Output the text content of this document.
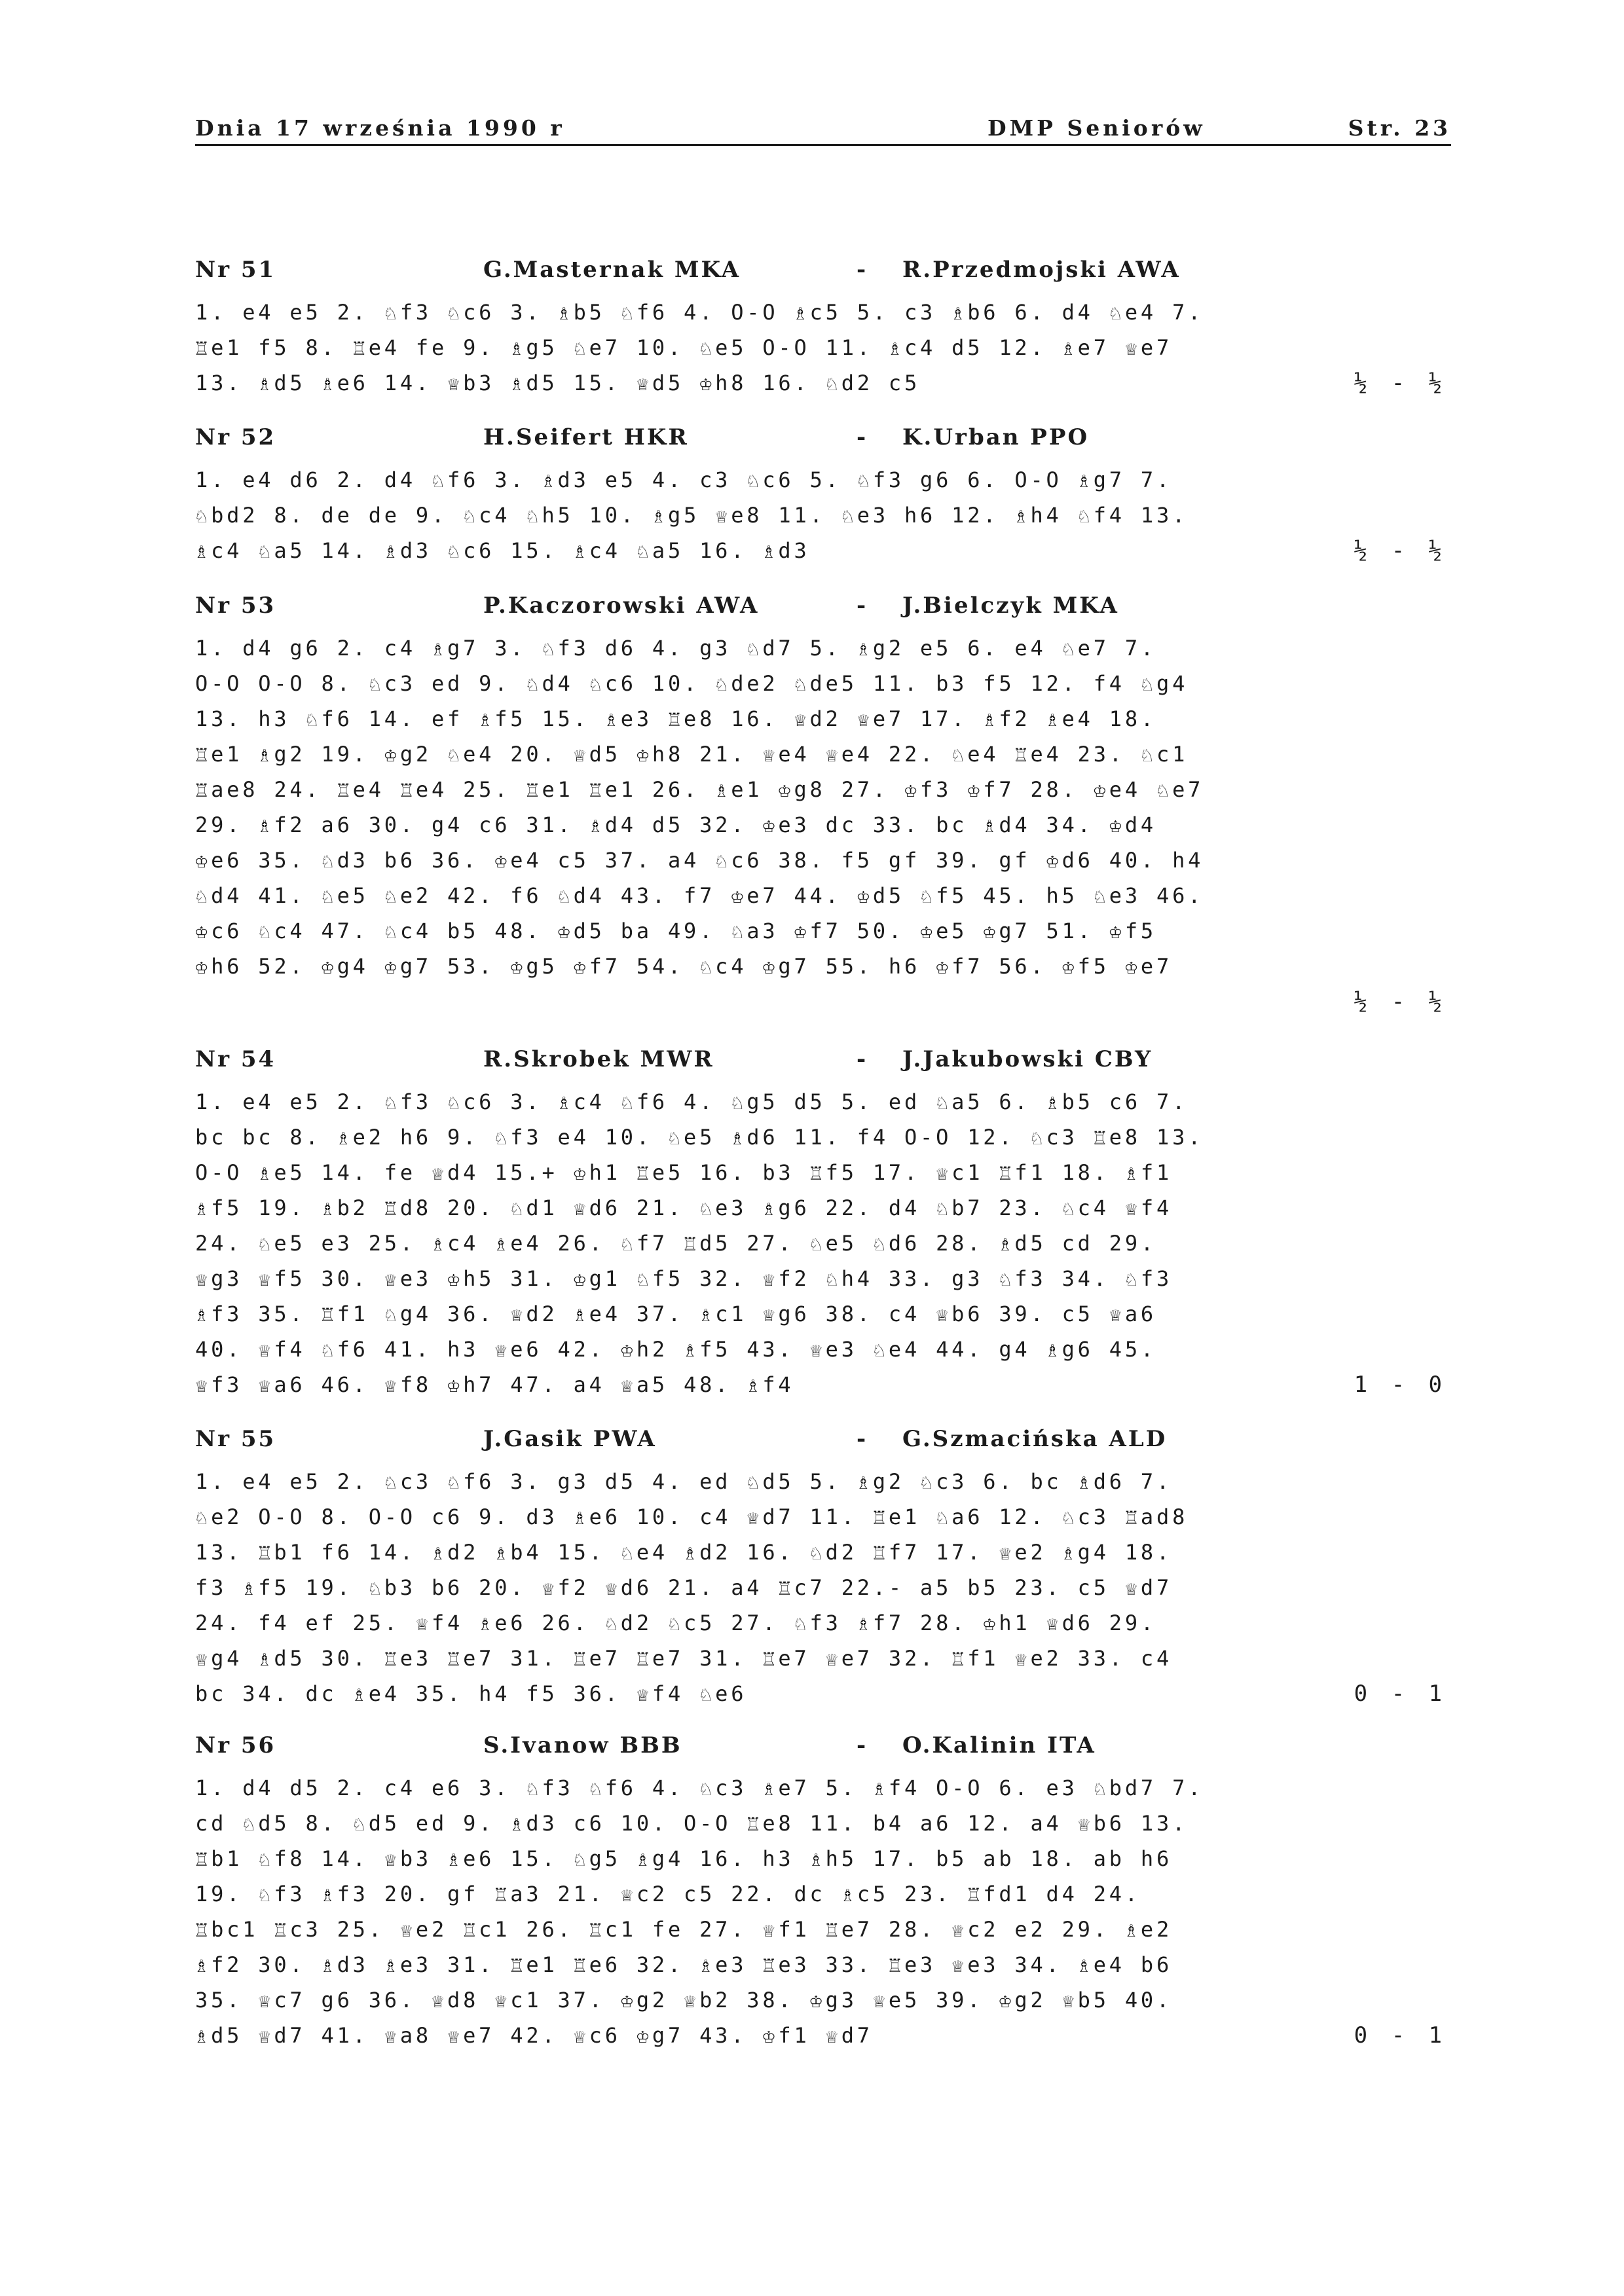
Dnia 17 września 1990 r	DMP Seniorów	Str. 23
Nr 51	G.Masternak MKA	- R.Przedmojski AWA
1. e4 e5 2. ♘f3 ♘c6 3. ♗b5 ♘f6 4. O-O ♗c5 5. c3 ♗b6 6. d4 ♘e4 7.
♖e1 f5 8. ♖e4 fe 9. ♗g5 ♘e7 10. ♘e5 O-O 11. ♗c4 d5 12. ♗e7 ♕e7
13. ♗d5 ♗e6 14. ♕b3 ♗d5 15. ♕d5 ♔h8 16. ♘d2 c5	½ - ½
Nr 52	H.Seifert HKR	- K.Urban PPO
1. e4 d6 2. d4 ♘f6 3. ♗d3 e5 4. c3 ♘c6 5. ♘f3 g6 6. O-O ♗g7 7.
♘bd2 8. de de 9. ♘c4 ♘h5 10. ♗g5 ♕e8 11. ♘e3 h6 12. ♗h4 ♘f4 13.
♗c4 ♘a5 14. ♗d3 ♘c6 15. ♗c4 ♘a5 16. ♗d3	½ - ½
Nr 53	P.Kaczorowski AWA	- J.Bielczyk MKA
1. d4 g6 2. c4 ♗g7 3. ♘f3 d6 4. g3 ♘d7 5. ♗g2 e5 6. e4 ♘e7 7.
O-O O-O 8. ♘c3 ed 9. ♘d4 ♘c6 10. ♘de2 ♘de5 11. b3 f5 12. f4 ♘g4
13. h3 ♘f6 14. ef ♗f5 15. ♗e3 ♖e8 16. ♕d2 ♕e7 17. ♗f2 ♗e4 18.
♖e1 ♗g2 19. ♔g2 ♘e4 20. ♕d5 ♔h8 21. ♕e4 ♕e4 22. ♘e4 ♖e4 23. ♘c1
♖ae8 24. ♖e4 ♖e4 25. ♖e1 ♖e1 26. ♗e1 ♔g8 27. ♔f3 ♔f7 28. ♔e4 ♘e7
29. ♗f2 a6 30. g4 c6 31. ♗d4 d5 32. ♔e3 dc 33. bc ♗d4 34. ♔d4
♔e6 35. ♘d3 b6 36. ♔e4 c5 37. a4 ♘c6 38. f5 gf 39. gf ♔d6 40. h4
♘d4 41. ♘e5 ♘e2 42. f6 ♘d4 43. f7 ♔e7 44. ♔d5 ♘f5 45. h5 ♘e3 46.
♔c6 ♘c4 47. ♘c4 b5 48. ♔d5 ba 49. ♘a3 ♔f7 50. ♔e5 ♔g7 51. ♔f5
♔h6 52. ♔g4 ♔g7 53. ♔g5 ♔f7 54. ♘c4 ♔g7 55. h6 ♔f7 56. ♔f5 ♔e7
½ - ½
Nr 54	R.Skrobek MWR	- J.Jakubowski CBY
1. e4 e5 2. ♘f3 ♘c6 3. ♗c4 ♘f6 4. ♘g5 d5 5. ed ♘a5 6. ♗b5 c6 7.
bc bc 8. ♗e2 h6 9. ♘f3 e4 10. ♘e5 ♗d6 11. f4 O-O 12. ♘c3 ♖e8 13.
O-O ♗e5 14. fe ♕d4 15.+ ♔h1 ♖e5 16. b3 ♖f5 17. ♕c1 ♖f1 18. ♗f1
♗f5 19. ♗b2 ♖d8 20. ♘d1 ♕d6 21. ♘e3 ♗g6 22. d4 ♘b7 23. ♘c4 ♕f4
24. ♘e5 e3 25. ♗c4 ♗e4 26. ♘f7 ♖d5 27. ♘e5 ♘d6 28. ♗d5 cd 29.
♕g3 ♕f5 30. ♕e3 ♔h5 31. ♔g1 ♘f5 32. ♕f2 ♘h4 33. g3 ♘f3 34. ♘f3
♗f3 35. ♖f1 ♘g4 36. ♕d2 ♗e4 37. ♗c1 ♕g6 38. c4 ♕b6 39. c5 ♕a6
40. ♕f4 ♘f6 41. h3 ♕e6 42. ♔h2 ♗f5 43. ♕e3 ♘e4 44. g4 ♗g6 45.
♕f3 ♕a6 46. ♕f8 ♔h7 47. a4 ♕a5 48. ♗f4	1 - 0
Nr 55	J.Gasik PWA	- G.Szmacińska ALD
1. e4 e5 2. ♘c3 ♘f6 3. g3 d5 4. ed ♘d5 5. ♗g2 ♘c3 6. bc ♗d6 7.
♘e2 O-O 8. O-O c6 9. d3 ♗e6 10. c4 ♕d7 11. ♖e1 ♘a6 12. ♘c3 ♖ad8
13. ♖b1 f6 14. ♗d2 ♗b4 15. ♘e4 ♗d2 16. ♘d2 ♖f7 17. ♕e2 ♗g4 18.
f3 ♗f5 19. ♘b3 b6 20. ♕f2 ♕d6 21. a4 ♖c7 22.- a5 b5 23. c5 ♕d7
24. f4 ef 25. ♕f4 ♗e6 26. ♘d2 ♘c5 27. ♘f3 ♗f7 28. ♔h1 ♕d6 29.
♕g4 ♗d5 30. ♖e3 ♖e7 31. ♖e7 ♖e7 31. ♖e7 ♕e7 32. ♖f1 ♕e2 33. c4
bc 34. dc ♗e4 35. h4 f5 36. ♕f4 ♘e6	0 - 1
Nr 56	S.Ivanow BBB	- O.Kalinin ITA
1. d4 d5 2. c4 e6 3. ♘f3 ♘f6 4. ♘c3 ♗e7 5. ♗f4 O-O 6. e3 ♘bd7 7.
cd ♘d5 8. ♘d5 ed 9. ♗d3 c6 10. O-O ♖e8 11. b4 a6 12. a4 ♕b6 13.
♖b1 ♘f8 14. ♕b3 ♗e6 15. ♘g5 ♗g4 16. h3 ♗h5 17. b5 ab 18. ab h6
19. ♘f3 ♗f3 20. gf ♖a3 21. ♕c2 c5 22. dc ♗c5 23. ♖fd1 d4 24.
♖bc1 ♖c3 25. ♕e2 ♖c1 26. ♖c1 fe 27. ♕f1 ♖e7 28. ♕c2 e2 29. ♗e2
♗f2 30. ♗d3 ♗e3 31. ♖e1 ♖e6 32. ♗e3 ♖e3 33. ♖e3 ♕e3 34. ♗e4 b6
35. ♕c7 g6 36. ♕d8 ♕c1 37. ♔g2 ♕b2 38. ♔g3 ♕e5 39. ♔g2 ♕b5 40.
♗d5 ♕d7 41. ♕a8 ♕e7 42. ♕c6 ♔g7 43. ♔f1 ♕d7	0 - 1
